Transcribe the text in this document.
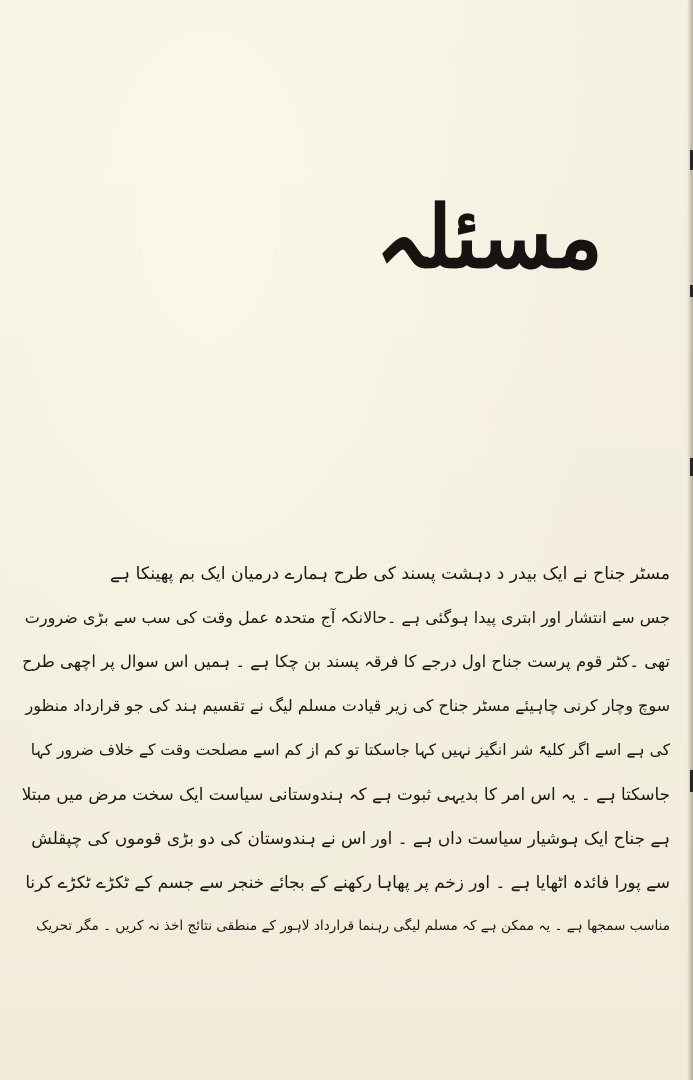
مسئلہ
مسٹر جناح نے ایک بیدر د دہشت پسند کی طرح ہمارے درمیان ایک بم پھینکا ہے
جس سے انتشار اور ابتری پیدا ہوگئی ہے ۔حالانکہ آج متحدہ عمل وقت کی سب سے بڑی ضرورت
تھی ۔کٹر قوم پرست جناح اول درجے کا فرقہ پسند بن چکا ہے ۔ ہمیں اس سوال پر اچھی طرح
سوچ وچار کرنی چاہیئے مسٹر جناح کی زیر قیادت مسلم لیگ نے تقسیم ہند کی جو قرارداد منظور
کی ہے اسے اگر کلیۃً شر انگیز نہیں کہا جاسکتا تو کم از کم اسے مصلحت وقت کے خلاف ضرور کہا
جاسکتا ہے ۔ یہ اس امر کا بدیہی ثبوت ہے کہ ہندوستانی سیاست ایک سخت مرض میں مبتلا
ہے جناح ایک ہوشیار سیاست داں ہے ۔ اور اس نے ہندوستان کی دو بڑی قوموں کی چپقلش
سے پورا فائدہ اٹھایا ہے ۔ اور زخم پر پھاہا رکھنے کے بجائے خنجر سے جسم کے ٹکڑے ٹکڑے کرنا
مناسب سمجھا ہے ۔ یہ ممکن ہے کہ مسلم لیگی رہنما قرارداد لاہور کے منطقی نتائج اخذ نہ کریں ۔ مگر تحریک
